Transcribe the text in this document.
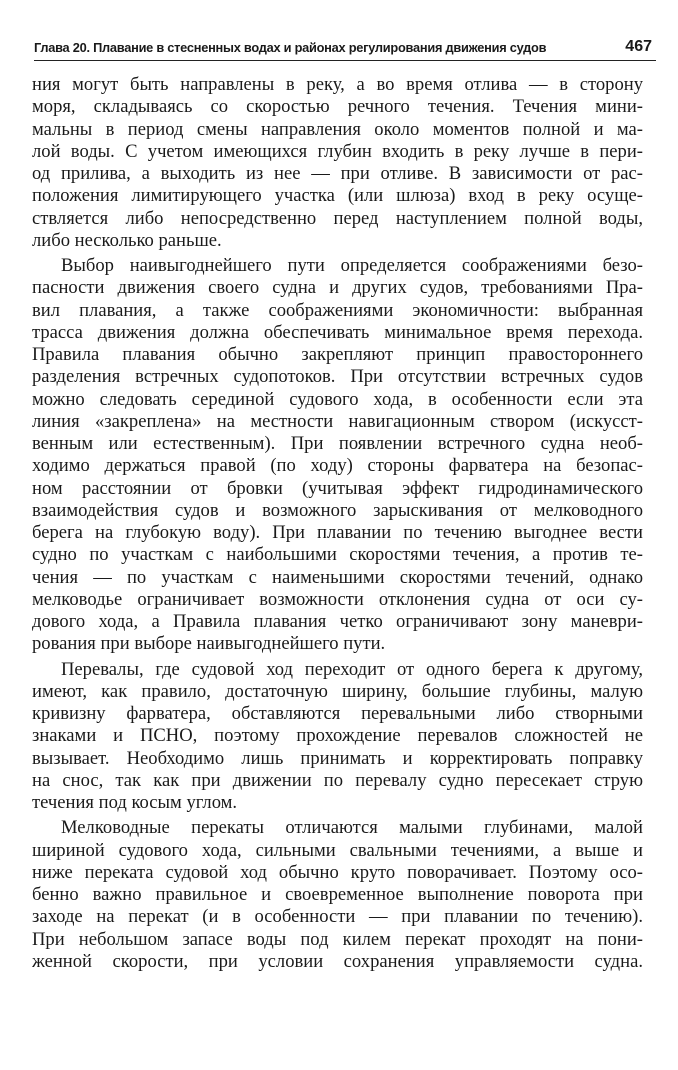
Глава 20. Плавание в стесненных водах и районах регулирования движения судов	467
ния могут быть направлены в реку, а во время отлива — в сторону
моря, складываясь со скоростью речного течения. Течения мини-
мальны в период смены направления около моментов полной и ма-
лой воды. С учетом имеющихся глубин входить в реку лучше в пери-
од прилива, а выходить из нее — при отливе. В зависимости от рас-
положения лимитирующего участка (или шлюза) вход в реку осуще-
ствляется либо непосредственно перед наступлением полной воды,
либо несколько раньше.
Выбор наивыгоднейшего пути определяется соображениями безо-
пасности движения своего судна и других судов, требованиями Пра-
вил плавания, а также соображениями экономичности: выбранная
трасса движения должна обеспечивать минимальное время перехода.
Правила плавания обычно закрепляют принцип правостороннего
разделения встречных судопотоков. При отсутствии встречных судов
можно следовать серединой судового хода, в особенности если эта
линия «закреплена» на местности навигационным створом (искусст-
венным или естественным). При появлении встречного судна необ-
ходимо держаться правой (по ходу) стороны фарватера на безопас-
ном расстоянии от бровки (учитывая эффект гидродинамического
взаимодействия судов и возможного зарыскивания от мелководного
берега на глубокую воду). При плавании по течению выгоднее вести
судно по участкам с наибольшими скоростями течения, а против те-
чения — по участкам с наименьшими скоростями течений, однако
мелководье ограничивает возможности отклонения судна от оси су-
дового хода, а Правила плавания четко ограничивают зону маневри-
рования при выборе наивыгоднейшего пути.
Перевалы, где судовой ход переходит от одного берега к другому,
имеют, как правило, достаточную ширину, большие глубины, малую
кривизну фарватера, обставляются перевальными либо створными
знаками и ПСНО, поэтому прохождение перевалов сложностей не
вызывает. Необходимо лишь принимать и корректировать поправку
на снос, так как при движении по перевалу судно пересекает струю
течения под косым углом.
Мелководные перекаты отличаются малыми глубинами, малой
шириной судового хода, сильными свальными течениями, а выше и
ниже переката судовой ход обычно круто поворачивает. Поэтому осо-
бенно важно правильное и своевременное выполнение поворота при
заходе на перекат (и в особенности — при плавании по течению).
При небольшом запасе воды под килем перекат проходят на пони-
женной скорости, при условии сохранения управляемости судна.
